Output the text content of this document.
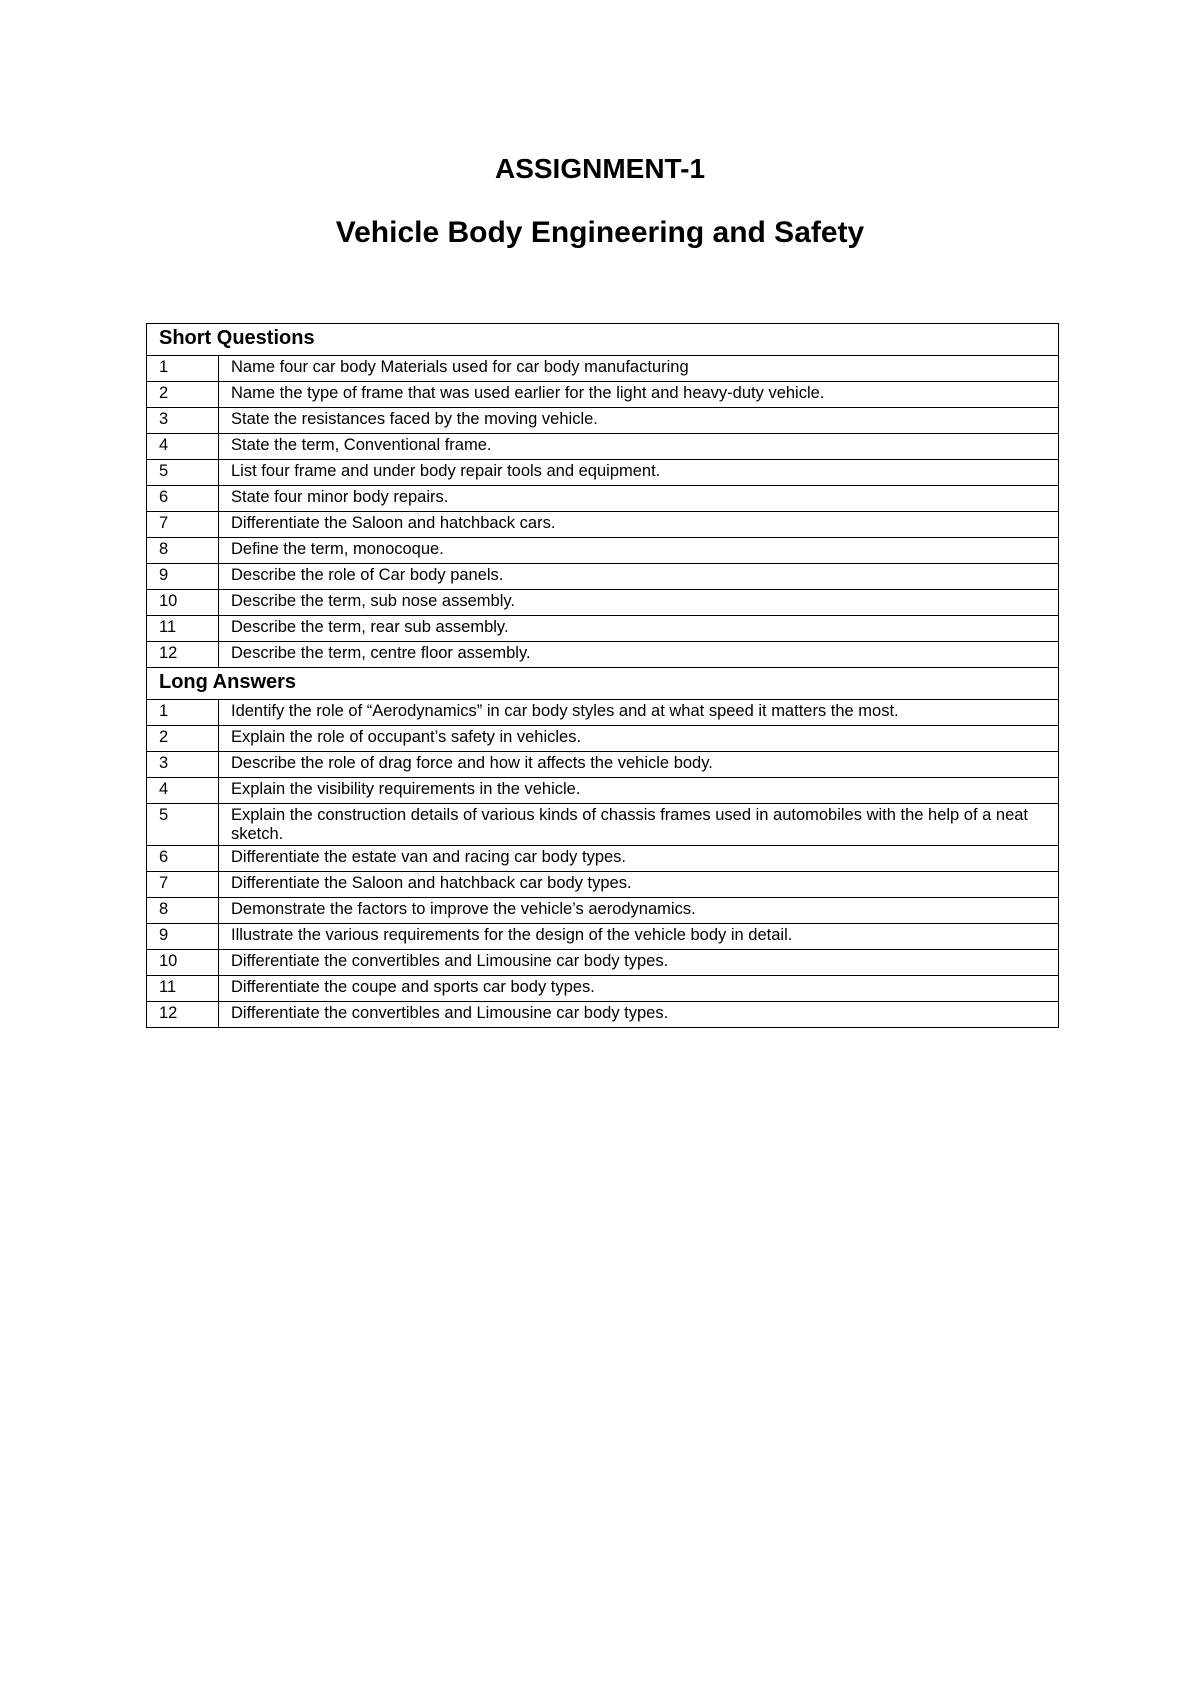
ASSIGNMENT-1
Vehicle Body Engineering and Safety
Short Questions	
1	Name four car body Materials used for car body manufacturing
2	Name the type of frame that was used earlier for the light and heavy-duty vehicle.
3	State the resistances faced by the moving vehicle.
4	State the term, Conventional frame.
5	List four frame and under body repair tools and equipment.
6	State four minor body repairs.
7	Differentiate the Saloon and hatchback cars.
8	Define the term, monocoque.
9	Describe the role of Car body panels.
10	Describe the term, sub nose assembly.
11	Describe the term, rear sub assembly.
12	Describe the term, centre floor assembly.
Long Answers	
1	Identify the role of “Aerodynamics” in car body styles and at what speed it matters the most.
2	Explain the role of occupant’s safety in vehicles.
3	Describe the role of drag force and how it affects the vehicle body.
4	Explain the visibility requirements in the vehicle.
5	Explain the construction details of various kinds of chassis frames used in automobiles with the help of a neat sketch.
6	Differentiate the estate van and racing car body types.
7	Differentiate the Saloon and hatchback car body types.
8	Demonstrate the factors to improve the vehicle’s aerodynamics.
9	Illustrate the various requirements for the design of the vehicle body in detail.
10	Differentiate the convertibles and Limousine car body types.
11	Differentiate the coupe and sports car body types.
12	Differentiate the convertibles and Limousine car body types.
